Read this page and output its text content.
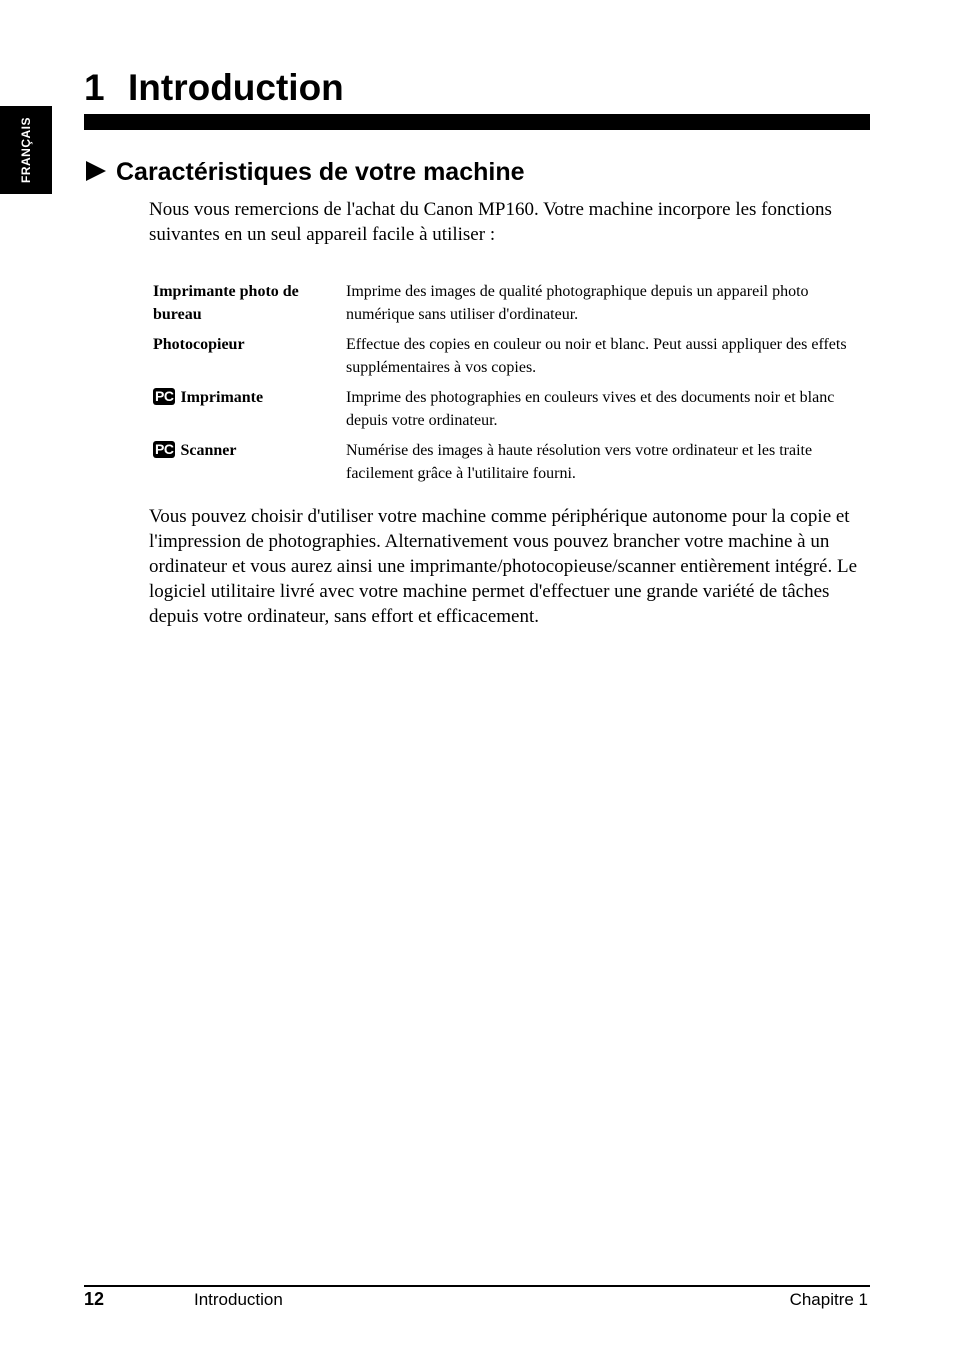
FRANÇAIS
1 Introduction
Caractéristiques de votre machine

Nous vous remercions de l'achat du Canon MP160. Votre machine incorpore les fonctions suivantes en un seul appareil facile à utiliser :

Imprimante photo de bureau	Imprime des images de qualité photographique depuis un appareil photo numérique sans utiliser d'ordinateur.
Photocopieur	Effectue des copies en couleur ou noir et blanc. Peut aussi appliquer des effets supplémentaires à vos copies.
PC Imprimante	Imprime des photographies en couleurs vives et des documents noir et blanc depuis votre ordinateur.
PC Scanner	Numérise des images à haute résolution vers votre ordinateur et les traite facilement grâce à l'utilitaire fourni.

Vous pouvez choisir d'utiliser votre machine comme périphérique autonome pour la copie et l'impression de photographies. Alternativement vous pouvez brancher votre machine à un ordinateur et vous aurez ainsi une imprimante/photocopieuse/scanner entièrement intégré. Le logiciel utilitaire livré avec votre machine permet d'effectuer une grande variété de tâches depuis votre ordinateur, sans effort et efficacement.

12	Introduction	Chapitre 1
